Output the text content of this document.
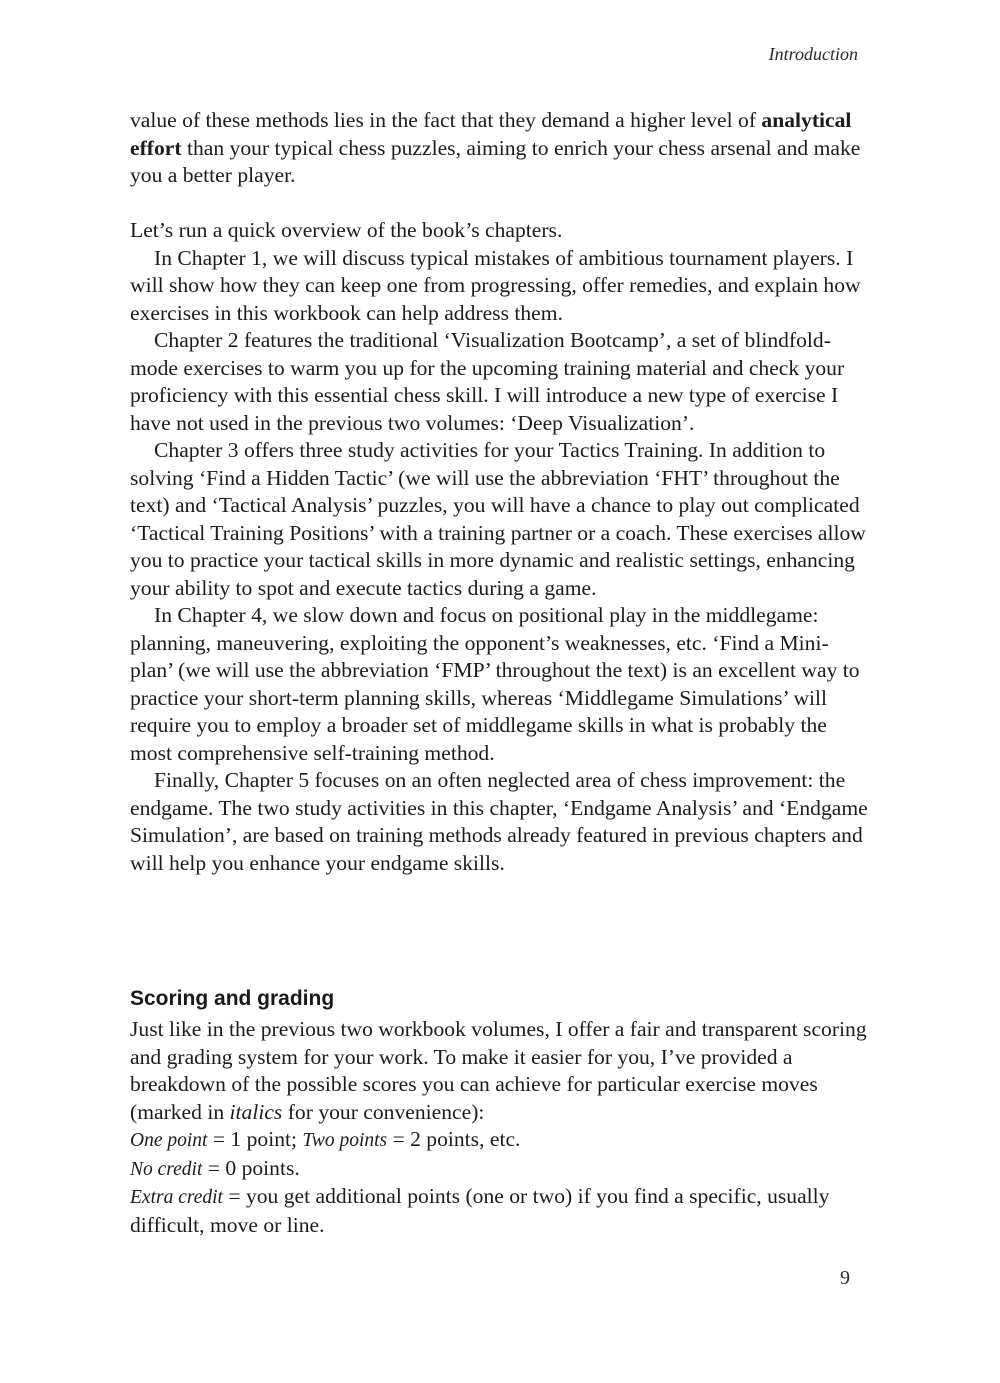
Introduction

value of these methods lies in the fact that they demand a higher level of analytical effort than your typical chess puzzles, aiming to enrich your chess arsenal and make you a better player.

Let’s run a quick overview of the book’s chapters.

In Chapter 1, we will discuss typical mistakes of ambitious tournament players. I will show how they can keep one from progressing, offer remedies, and explain how exercises in this workbook can help address them.

Chapter 2 features the traditional ‘Visualization Bootcamp’, a set of blindfold-mode exercises to warm you up for the upcoming training material and check your proficiency with this essential chess skill. I will introduce a new type of exercise I have not used in the previous two volumes: ‘Deep Visualization’.

Chapter 3 offers three study activities for your Tactics Training. In addition to solving ‘Find a Hidden Tactic’ (we will use the abbreviation ‘FHT’ throughout the text) and ‘Tactical Analysis’ puzzles, you will have a chance to play out complicated ‘Tactical Training Positions’ with a training partner or a coach. These exercises allow you to practice your tactical skills in more dynamic and realistic settings, enhancing your ability to spot and execute tactics during a game.

In Chapter 4, we slow down and focus on positional play in the middlegame: planning, maneuvering, exploiting the opponent’s weaknesses, etc. ‘Find a Mini-plan’ (we will use the abbreviation ‘FMP’ throughout the text) is an excellent way to practice your short-term planning skills, whereas ‘Middlegame Simulations’ will require you to employ a broader set of middlegame skills in what is probably the most comprehensive self-training method.

Finally, Chapter 5 focuses on an often neglected area of chess improvement: the endgame. The two study activities in this chapter, ‘Endgame Analysis’ and ‘Endgame Simulation’, are based on training methods already featured in previous chapters and will help you enhance your endgame skills.

Scoring and grading

Just like in the previous two workbook volumes, I offer a fair and transparent scoring and grading system for your work. To make it easier for you, I’ve provided a breakdown of the possible scores you can achieve for particular exercise moves (marked in italics for your convenience):

One point = 1 point; Two points = 2 points, etc.

No credit = 0 points.

Extra credit = you get additional points (one or two) if you find a specific, usually difficult, move or line.

9
